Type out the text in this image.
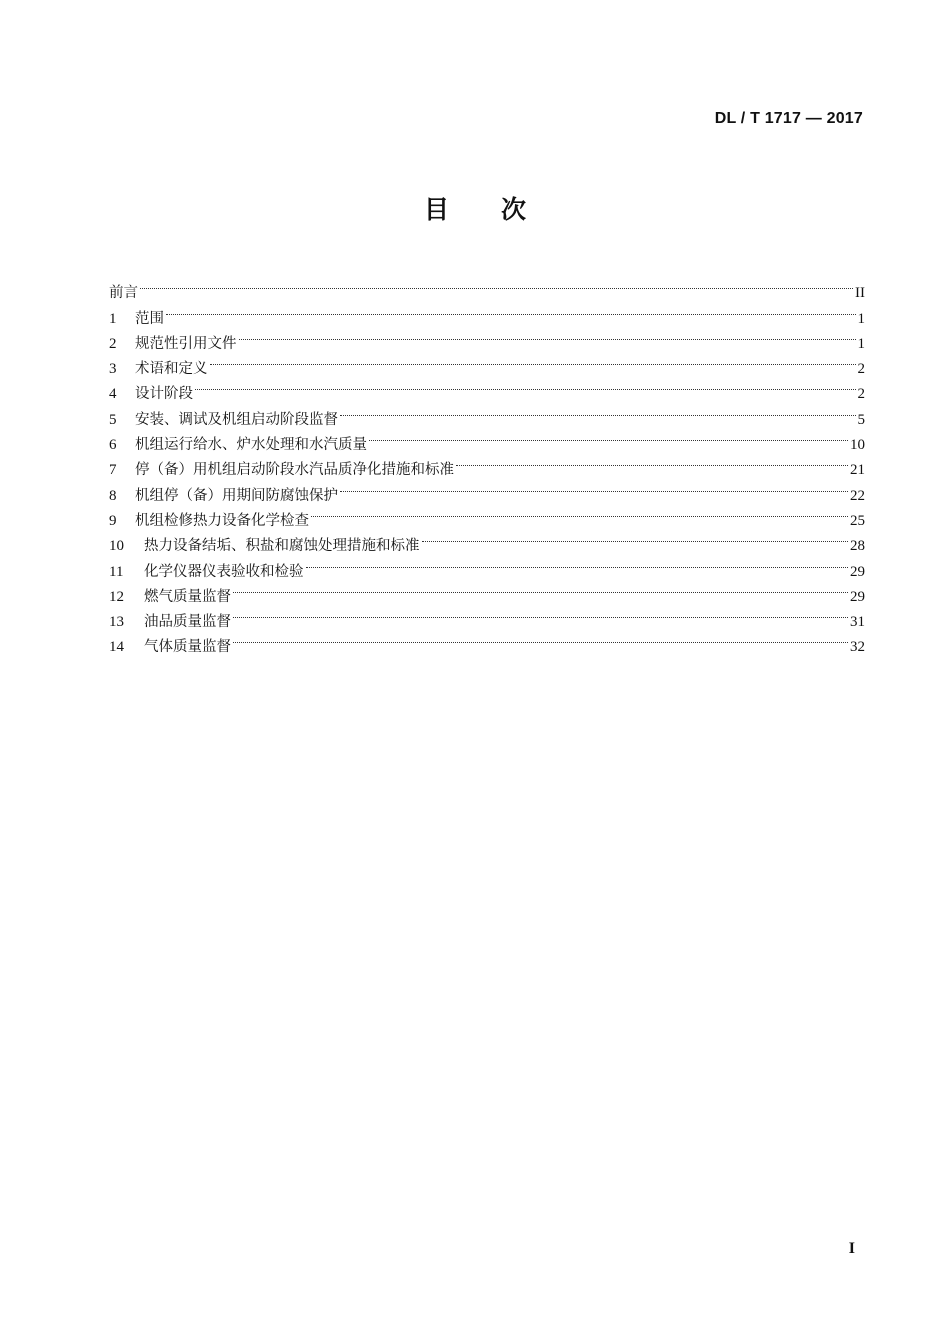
DL / T 1717 — 2017
目 次
前言	II
1	范围	1
2	规范性引用文件	1
3	术语和定义	2
4	设计阶段	2
5	安装、调试及机组启动阶段监督	5
6	机组运行给水、炉水处理和水汽质量	10
7	停（备）用机组启动阶段水汽品质净化措施和标准	21
8	机组停（备）用期间防腐蚀保护	22
9	机组检修热力设备化学检查	25
10	热力设备结垢、积盐和腐蚀处理措施和标准	28
11	化学仪器仪表验收和检验	29
12	燃气质量监督	29
13	油品质量监督	31
14	气体质量监督	32
I
